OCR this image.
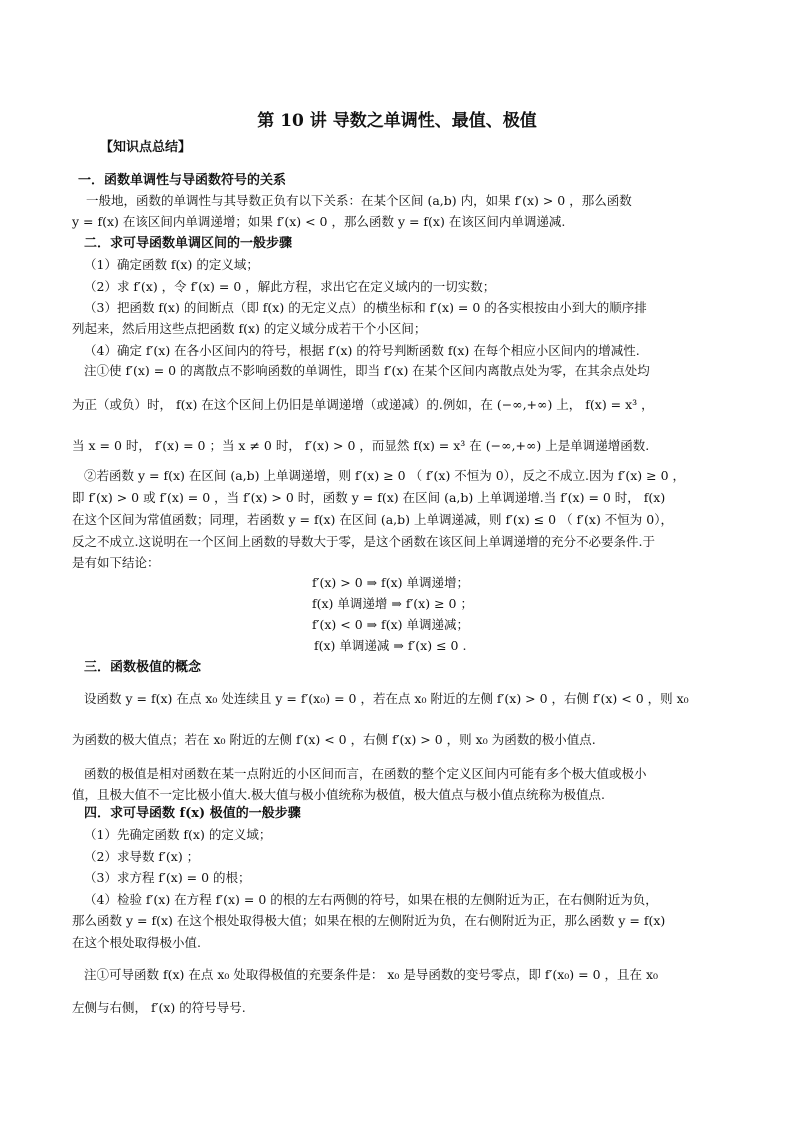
第 10 讲 导数之单调性、最值、极值
【知识点总结】
一．函数单调性与导函数符号的关系
一般地，函数的单调性与其导数正负有以下关系：在某个区间 (a,b) 内，如果 f′(x) > 0 ，那么函数
y = f(x) 在该区间内单调递增；如果 f′(x) < 0 ，那么函数 y = f(x) 在该区间内单调递减.
二．求可导函数单调区间的一般步骤
（1）确定函数 f(x) 的定义域；
（2）求 f′(x) ，令 f′(x) = 0 ，解此方程，求出它在定义域内的一切实数；
（3）把函数 f(x) 的间断点（即 f(x) 的无定义点）的横坐标和 f′(x) = 0 的各实根按由小到大的顺序排
列起来，然后用这些点把函数 f(x) 的定义域分成若干个小区间；
（4）确定 f′(x) 在各小区间内的符号，根据 f′(x) 的符号判断函数 f(x) 在每个相应小区间内的增减性.
注①使 f′(x) = 0 的离散点不影响函数的单调性，即当 f′(x) 在某个区间内离散点处为零，在其余点处均
为正（或负）时， f(x) 在这个区间上仍旧是单调递增（或递减）的.例如，在 (−∞,+∞) 上， f(x) = x³ ，
当 x = 0 时， f′(x) = 0 ；当 x ≠ 0 时， f′(x) > 0 ，而显然 f(x) = x³ 在 (−∞,+∞) 上是单调递增函数.
②若函数 y = f(x) 在区间 (a,b) 上单调递增，则 f′(x) ≥ 0 （ f′(x) 不恒为 0），反之不成立.因为 f′(x) ≥ 0 ，
即 f′(x) > 0 或 f′(x) = 0 ，当 f′(x) > 0 时，函数 y = f(x) 在区间 (a,b) 上单调递增.当 f′(x) = 0 时， f(x)
在这个区间为常值函数；同理，若函数 y = f(x) 在区间 (a,b) 上单调递减，则 f′(x) ≤ 0 （ f′(x) 不恒为 0），
反之不成立.这说明在一个区间上函数的导数大于零，是这个函数在该区间上单调递增的充分不必要条件.于
是有如下结论：
f′(x) > 0 ⇒ f(x) 单调递增；
f(x) 单调递增 ⇒ f′(x) ≥ 0 ；
f′(x) < 0 ⇒ f(x) 单调递减；
f(x) 单调递减 ⇒ f′(x) ≤ 0 .
三．函数极值的概念
设函数 y = f(x) 在点 x₀ 处连续且 y = f′(x₀) = 0 ，若在点 x₀ 附近的左侧 f′(x) > 0 ，右侧 f′(x) < 0 ，则 x₀
为函数的极大值点；若在 x₀ 附近的左侧 f′(x) < 0 ，右侧 f′(x) > 0 ，则 x₀ 为函数的极小值点.
函数的极值是相对函数在某一点附近的小区间而言，在函数的整个定义区间内可能有多个极大值或极小
值，且极大值不一定比极小值大.极大值与极小值统称为极值，极大值点与极小值点统称为极值点.
四．求可导函数 f(x) 极值的一般步骤
（1）先确定函数 f(x) 的定义域；
（2）求导数 f′(x) ；
（3）求方程 f′(x) = 0 的根；
（4）检验 f′(x) 在方程 f′(x) = 0 的根的左右两侧的符号，如果在根的左侧附近为正，在右侧附近为负，
那么函数 y = f(x) 在这个根处取得极大值；如果在根的左侧附近为负，在右侧附近为正，那么函数 y = f(x)
在这个根处取得极小值.
注①可导函数 f(x) 在点 x₀ 处取得极值的充要条件是： x₀ 是导函数的变号零点，即 f′(x₀) = 0 ，且在 x₀
左侧与右侧， f′(x) 的符号导号.
